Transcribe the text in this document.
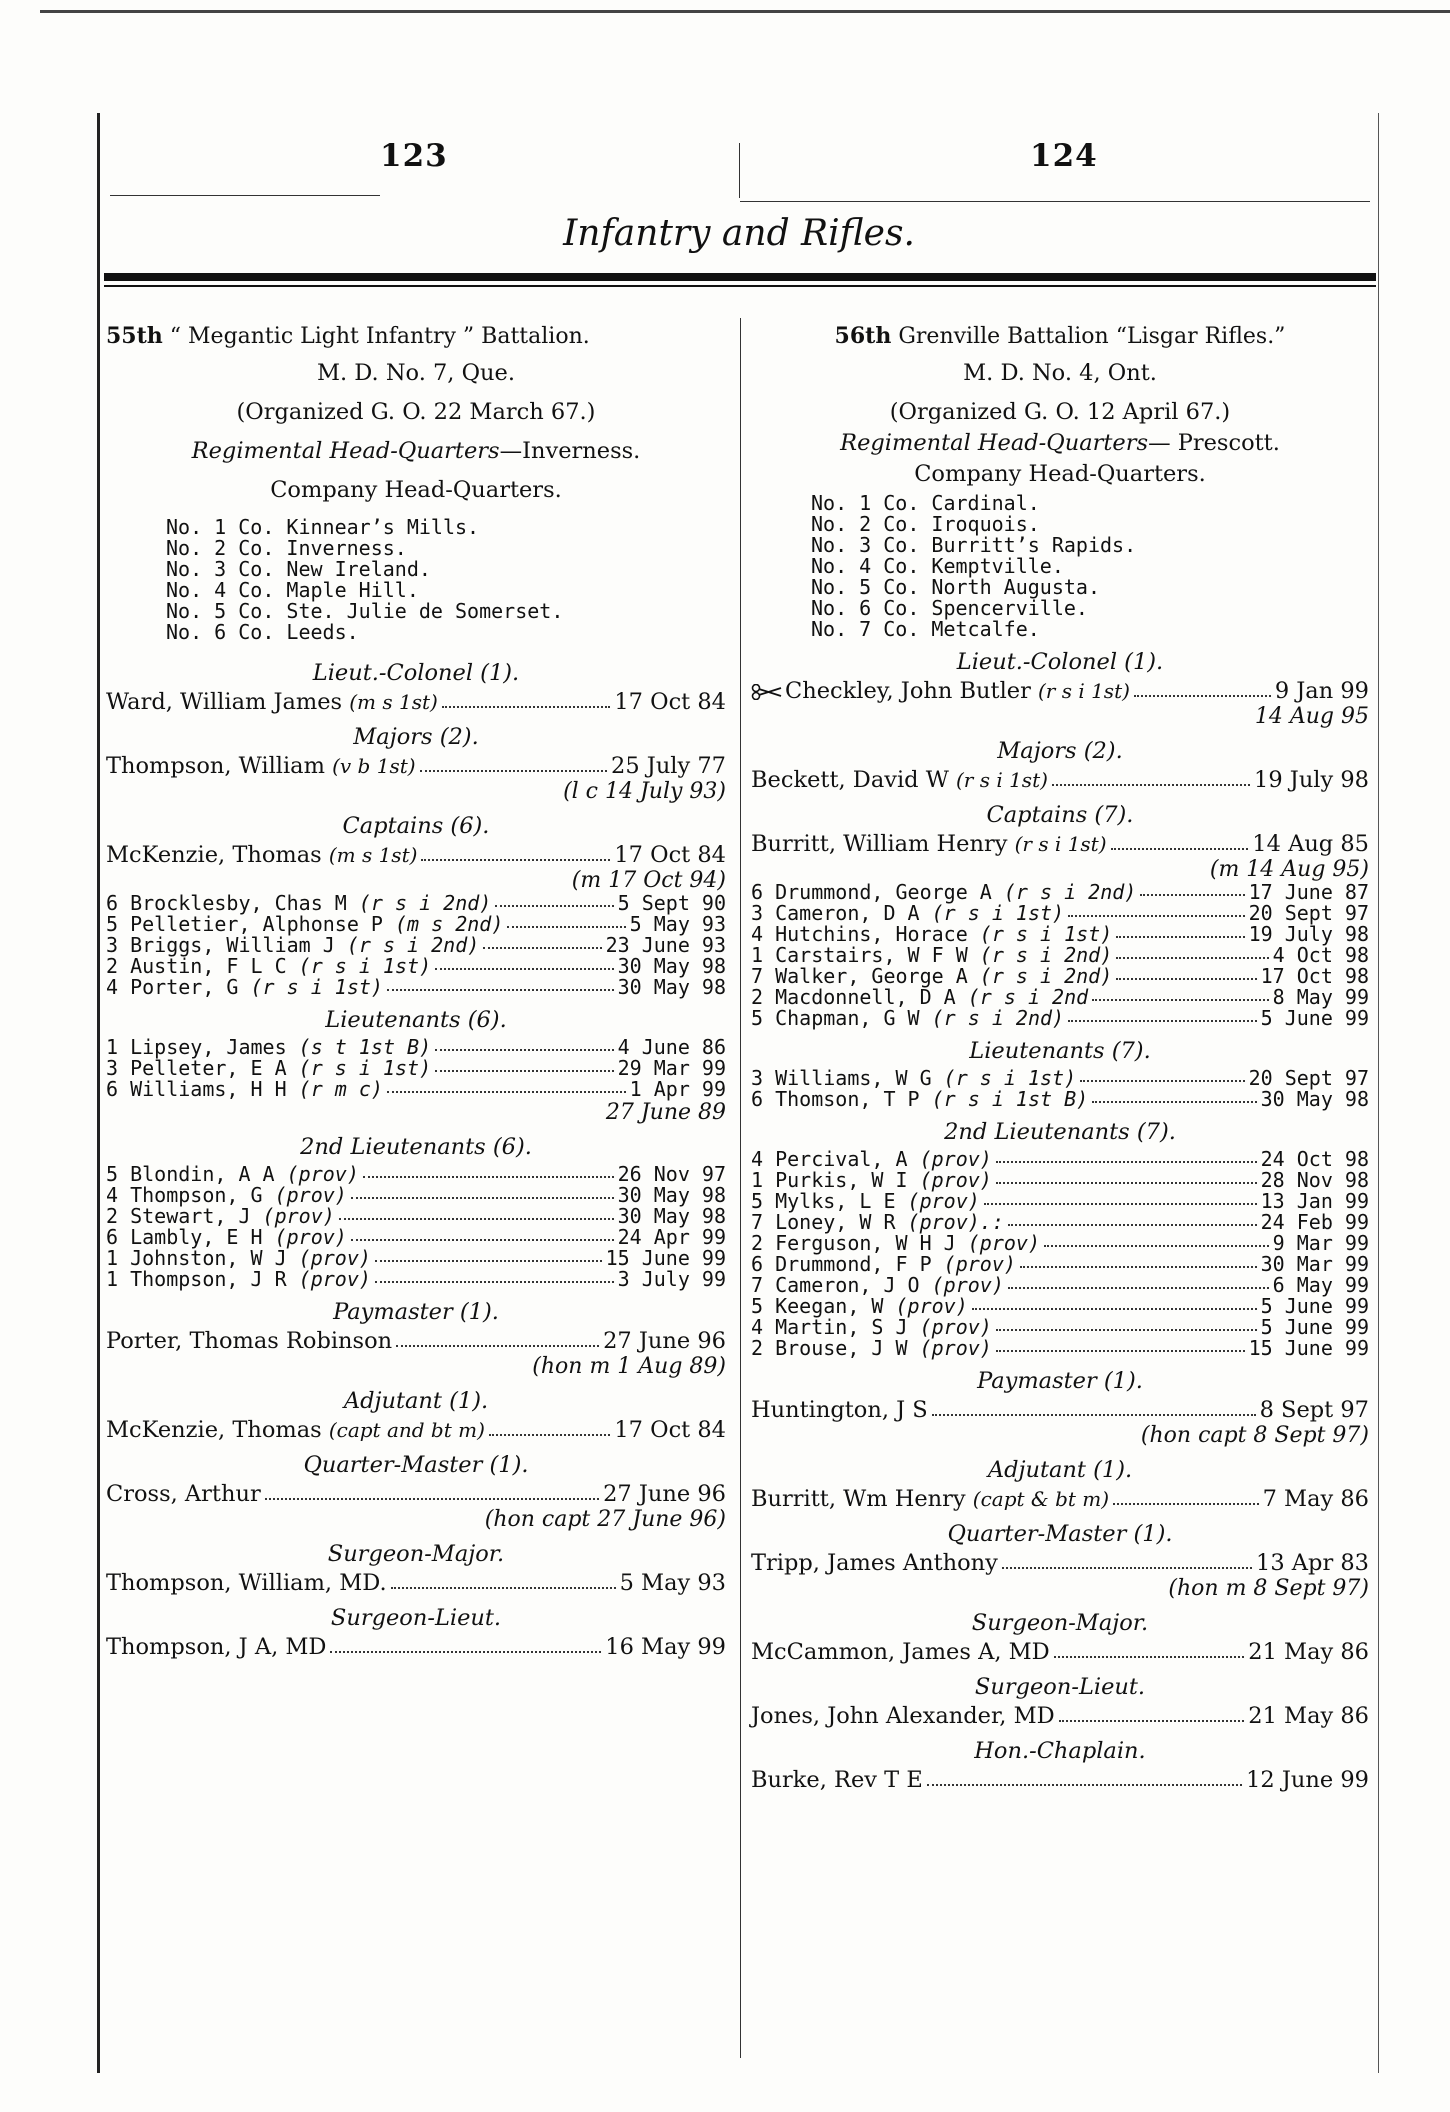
123	124
Infantry and Rifles.
55th “ Megantic Light Infantry ” Battalion.
M. D. No. 7, Que.
(Organized G. O. 22 March 67.)
Regimental Head-Quarters—Inverness.
Company Head-Quarters.
No. 1 Co. Kinnear’s Mills.
No. 2 Co. Inverness.
No. 3 Co. New Ireland.
No. 4 Co. Maple Hill.
No. 5 Co. Ste. Julie de Somerset.
No. 6 Co. Leeds.
Lieut.-Colonel (1).
Ward, William James (m s 1st)	17 Oct 84
Majors (2).
Thompson, William (v b 1st)	25 July 77
(l c 14 July 93)
Captains (6).
McKenzie, Thomas (m s 1st)	17 Oct 84
(m 17 Oct 94)
6 Brocklesby, Chas M (r s i 2nd)	5 Sept 90
5 Pelletier, Alphonse P (m s 2nd)	5 May 93
3 Briggs, William J (r s i 2nd)	23 June 93
2 Austin, F L C (r s i 1st)	30 May 98
4 Porter, G (r s i 1st)	30 May 98
Lieutenants (6).
1 Lipsey, James (s t 1st B)	4 June 86
3 Pelleter, E A (r s i 1st)	29 Mar 99
6 Williams, H H (r m c)	1 Apr 99
27 June 89
2nd Lieutenants (6).
5 Blondin, A A (prov)	26 Nov 97
4 Thompson, G (prov)	30 May 98
2 Stewart, J (prov)	30 May 98
6 Lambly, E H (prov)	24 Apr 99
1 Johnston, W J (prov)	15 June 99
1 Thompson, J R (prov)	3 July 99
Paymaster (1).
Porter, Thomas Robinson	27 June 96
(hon m 1 Aug 89)
Adjutant (1).
McKenzie, Thomas (capt and bt m)	17 Oct 84
Quarter-Master (1).
Cross, Arthur	27 June 96
(hon capt 27 June 96)
Surgeon-Major.
Thompson, William, MD.	5 May 93
Surgeon-Lieut.
Thompson, J A, MD	16 May 99
56th Grenville Battalion “Lisgar Rifles.”
M. D. No. 4, Ont.
(Organized G. O. 12 April 67.)
Regimental Head-Quarters— Prescott.
Company Head-Quarters.
No. 1 Co. Cardinal.
No. 2 Co. Iroquois.
No. 3 Co. Burritt’s Rapids.
No. 4 Co. Kemptville.
No. 5 Co. North Augusta.
No. 6 Co. Spencerville.
No. 7 Co. Metcalfe.
Lieut.-Colonel (1).
Checkley, John Butler (r s i 1st)	9 Jan 99
14 Aug 95
Majors (2).
Beckett, David W (r s i 1st)	19 July 98
Captains (7).
Burritt, William Henry (r s i 1st)	14 Aug 85
(m 14 Aug 95)
6 Drummond, George A (r s i 2nd)	17 June 87
3 Cameron, D A (r s i 1st)	20 Sept 97
4 Hutchins, Horace (r s i 1st)	19 July 98
1 Carstairs, W F W (r s i 2nd)	4 Oct 98
7 Walker, George A (r s i 2nd)	17 Oct 98
2 Macdonnell, D A (r s i 2nd	8 May 99
5 Chapman, G W (r s i 2nd)	5 June 99
Lieutenants (7).
3 Williams, W G (r s i 1st)	20 Sept 97
6 Thomson, T P (r s i 1st B)	30 May 98
2nd Lieutenants (7).
4 Percival, A (prov)	24 Oct 98
1 Purkis, W I (prov)	28 Nov 98
5 Mylks, L E (prov)	13 Jan 99
7 Loney, W R (prov).:	24 Feb 99
2 Ferguson, W H J (prov)	9 Mar 99
6 Drummond, F P (prov)	30 Mar 99
7 Cameron, J O (prov)	6 May 99
5 Keegan, W (prov)	5 June 99
4 Martin, S J (prov)	5 June 99
2 Brouse, J W (prov)	15 June 99
Paymaster (1).
Huntington, J S	8 Sept 97
(hon capt 8 Sept 97)
Adjutant (1).
Burritt, Wm Henry (capt & bt m)	7 May 86
Quarter-Master (1).
Tripp, James Anthony	13 Apr 83
(hon m 8 Sept 97)
Surgeon-Major.
McCammon, James A, MD	21 May 86
Surgeon-Lieut.
Jones, John Alexander, MD	21 May 86
Hon.-Chaplain.
Burke, Rev T E	12 June 99
